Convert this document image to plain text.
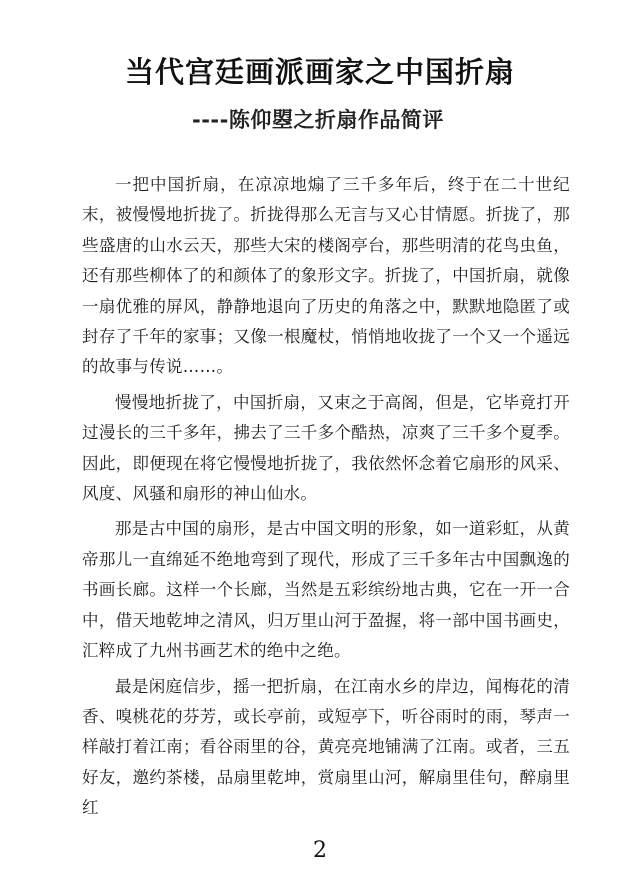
当代宫廷画派画家之中国折扇
----陈仰曌之折扇作品简评

一把中国折扇，在凉凉地煽了三千多年后，终于在二十世纪末，被慢慢地折拢了。折拢得那么无言与又心甘情愿。折拢了，那些盛唐的山水云天，那些大宋的楼阁亭台，那些明清的花鸟虫鱼，还有那些柳体了的和颜体了的象形文字。折拢了，中国折扇，就像一扇优雅的屏风，静静地退向了历史的角落之中，默默地隐匿了或封存了千年的家事；又像一根魔杖，悄悄地收拢了一个又一个遥远的故事与传说……。

慢慢地折拢了，中国折扇，又束之于高阁，但是，它毕竟打开过漫长的三千多年，拂去了三千多个酷热，凉爽了三千多个夏季。因此，即便现在将它慢慢地折拢了，我依然怀念着它扇形的风采、风度、风骚和扇形的神山仙水。

那是古中国的扇形，是古中国文明的形象，如一道彩虹，从黄帝那儿一直绵延不绝地弯到了现代，形成了三千多年古中国飘逸的书画长廊。这样一个长廊，当然是五彩缤纷地古典，它在一开一合中，借天地乾坤之清风，归万里山河于盈握，将一部中国书画史，汇粹成了九州书画艺术的绝中之绝。

最是闲庭信步，摇一把折扇，在江南水乡的岸边，闻梅花的清香、嗅桃花的芬芳，或长亭前，或短亭下，听谷雨时的雨，琴声一样敲打着江南；看谷雨里的谷，黄亮亮地铺满了江南。或者，三五好友，邀约茶楼，品扇里乾坤，赏扇里山河，解扇里佳句，醉扇里红

2
